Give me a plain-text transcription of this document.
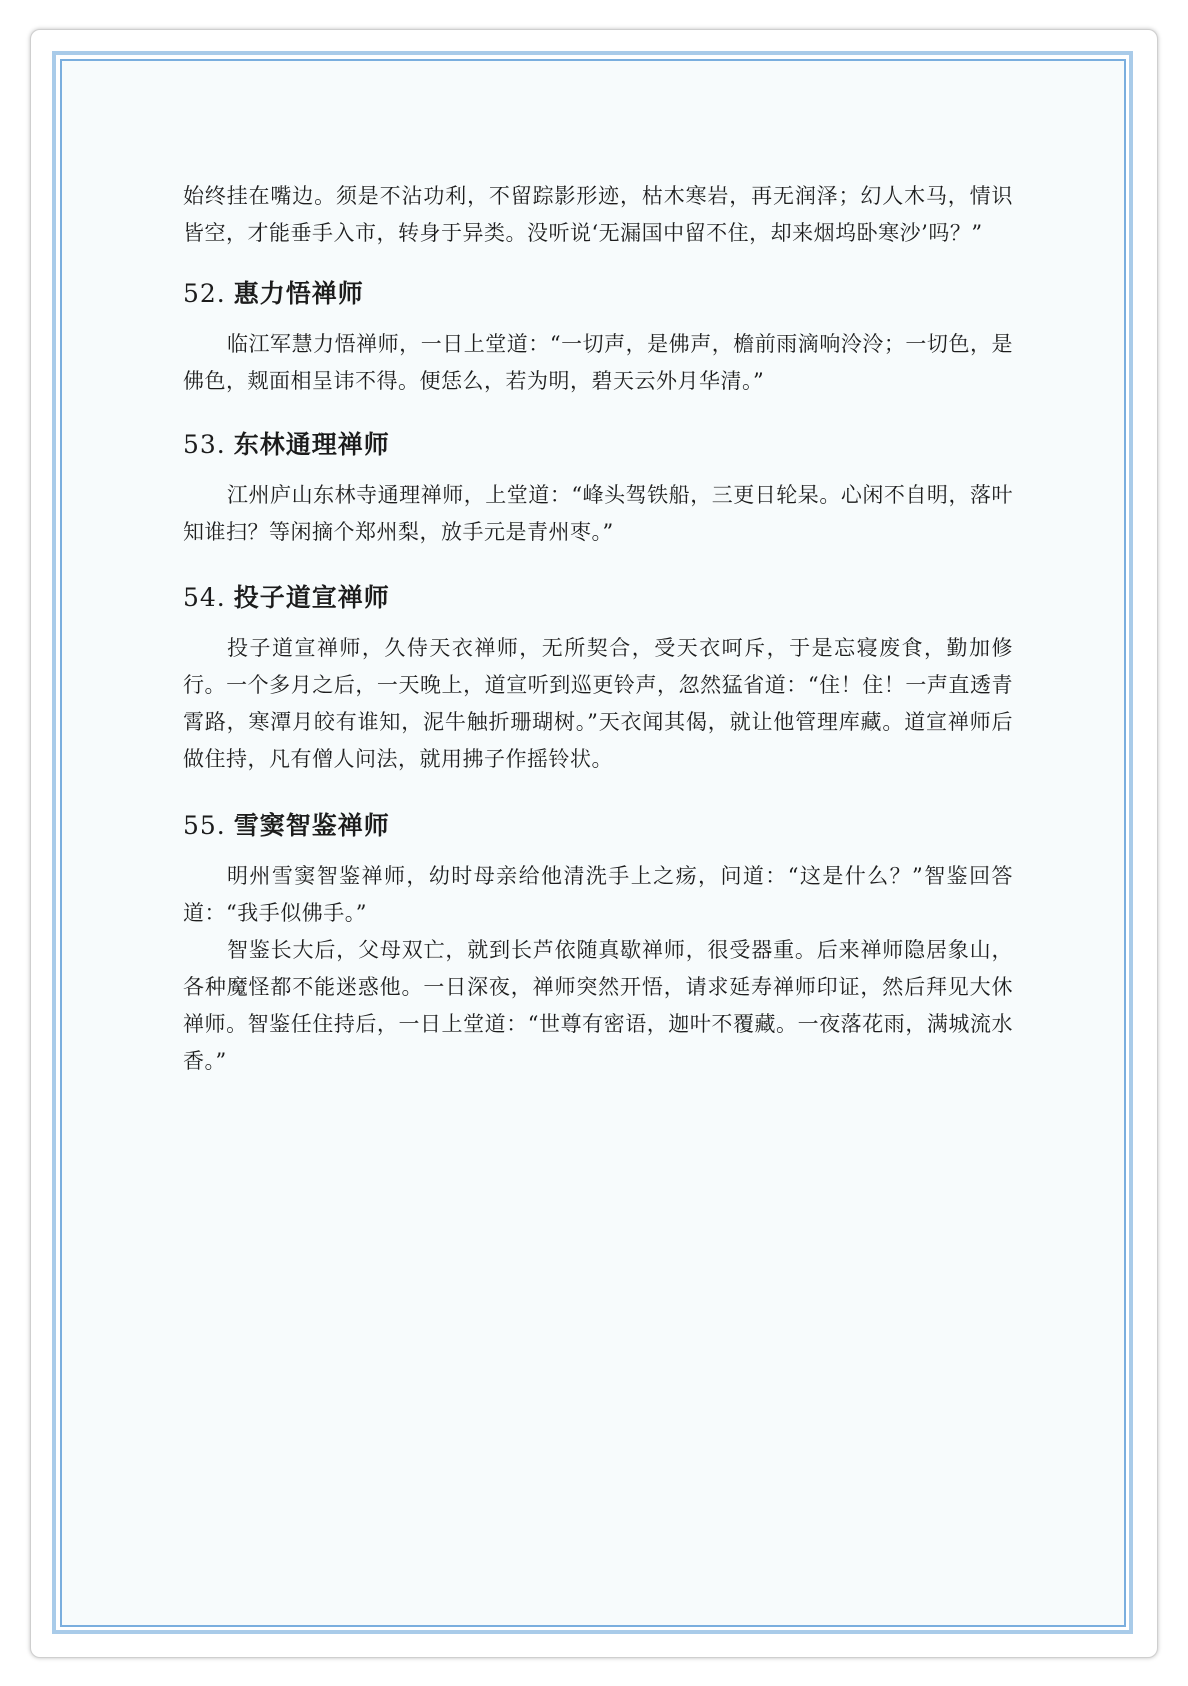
始终挂在嘴边。须是不沾功利，不留踪影形迹，枯木寒岩，再无润泽；幻人木马，情识皆空，才能垂手入市，转身于异类。没听说‘无漏国中留不住，却来烟坞卧寒沙’吗？”

52. 惠力悟禅师

临江军慧力悟禅师，一日上堂道：“一切声，是佛声，檐前雨滴响泠泠；一切色，是佛色，觌面相呈讳不得。便恁么，若为明，碧天云外月华清。”

53. 东林通理禅师

江州庐山东林寺通理禅师，上堂道：“峰头驾铁船，三更日轮杲。心闲不自明，落叶知谁扫？等闲摘个郑州梨，放手元是青州枣。”

54. 投子道宣禅师

投子道宣禅师，久侍天衣禅师，无所契合，受天衣呵斥，于是忘寝废食，勤加修行。一个多月之后，一天晚上，道宣听到巡更铃声，忽然猛省道：“住！住！一声直透青霄路，寒潭月皎有谁知，泥牛触折珊瑚树。”天衣闻其偈，就让他管理库藏。道宣禅师后做住持，凡有僧人问法，就用拂子作摇铃状。

55. 雪窦智鉴禅师

明州雪窦智鉴禅师，幼时母亲给他清洗手上之疡，问道：“这是什么？”智鉴回答道：“我手似佛手。”

智鉴长大后，父母双亡，就到长芦依随真歇禅师，很受器重。后来禅师隐居象山，各种魔怪都不能迷惑他。一日深夜，禅师突然开悟，请求延寿禅师印证，然后拜见大休禅师。智鉴任住持后，一日上堂道：“世尊有密语，迦叶不覆藏。一夜落花雨，满城流水香。”
